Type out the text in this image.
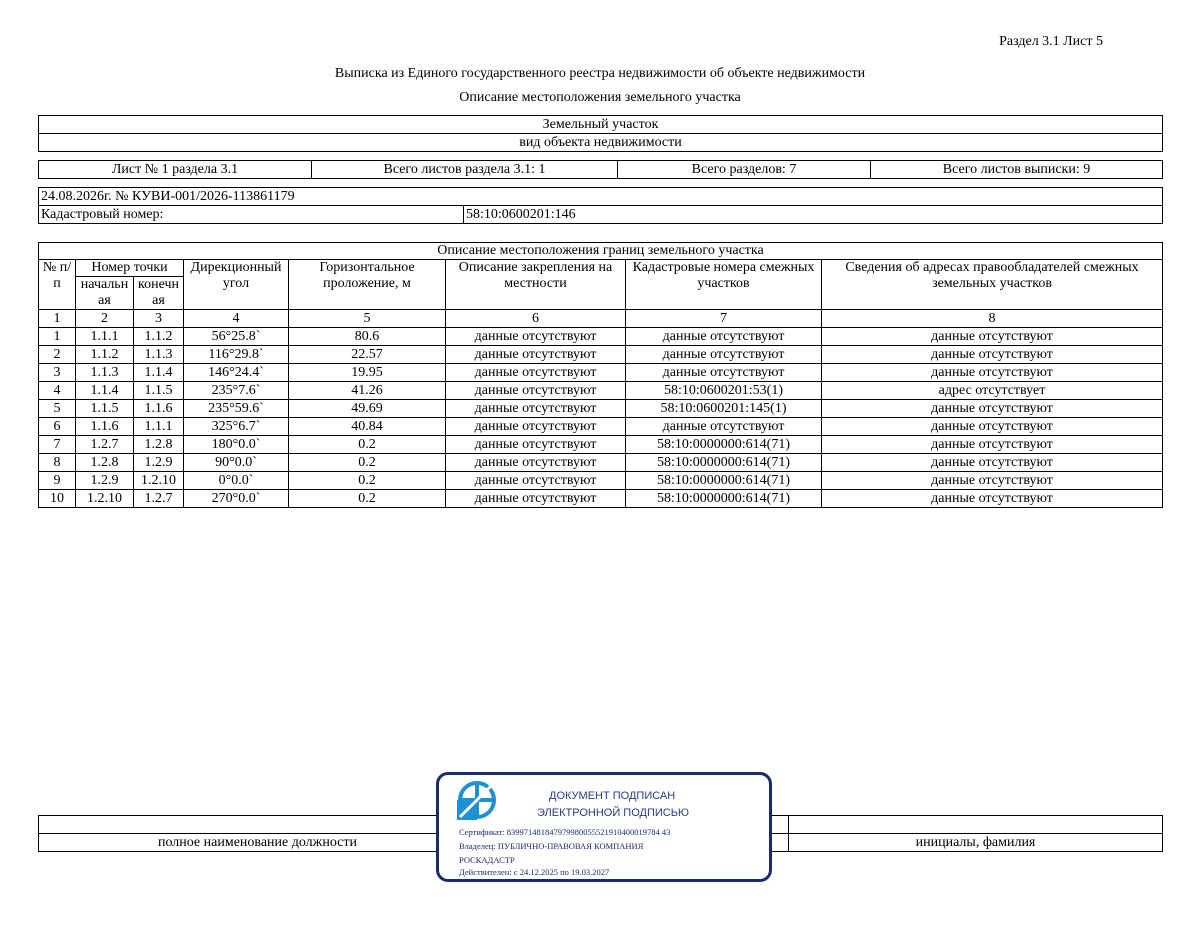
Раздел 3.1 Лист 5
Выписка из Единого государственного реестра недвижимости об объекте недвижимости
Описание местоположения земельного участка
Земельный участок
вид объекта недвижимости
Лист № 1 раздела 3.1	Всего листов раздела 3.1: 1	Всего разделов: 7	Всего листов выписки: 9
24.08.2026г. № КУВИ-001/2026-113861179
Кадастровый номер:	58:10:0600201:146
Описание местоположения границ земельного участка							
№ п/п	Номер точки		Дирекционный угол	Горизонтальное проложение, м	Описание закрепления на местности	Кадастровые номера смежных участков	Сведения об адресах правообладателей смежных земельных участков
	начальн ая	конечн ая					
1	2	3	4	5	6	7	8
1	1.1.1	1.1.2	56°25.8`	80.6	данные отсутствуют	данные отсутствуют	данные отсутствуют
2	1.1.2	1.1.3	116°29.8`	22.57	данные отсутствуют	данные отсутствуют	данные отсутствуют
3	1.1.3	1.1.4	146°24.4`	19.95	данные отсутствуют	данные отсутствуют	данные отсутствуют
4	1.1.4	1.1.5	235°7.6`	41.26	данные отсутствуют	58:10:0600201:53(1)	адрес отсутствует
5	1.1.5	1.1.6	235°59.6`	49.69	данные отсутствуют	58:10:0600201:145(1)	данные отсутствуют
6	1.1.6	1.1.1	325°6.7`	40.84	данные отсутствуют	данные отсутствуют	данные отсутствуют
7	1.2.7	1.2.8	180°0.0`	0.2	данные отсутствуют	58:10:0000000:614(71)	данные отсутствуют
8	1.2.8	1.2.9	90°0.0`	0.2	данные отсутствуют	58:10:0000000:614(71)	данные отсутствуют
9	1.2.9	1.2.10	0°0.0`	0.2	данные отсутствуют	58:10:0000000:614(71)	данные отсутствуют
10	1.2.10	1.2.7	270°0.0`	0.2	данные отсутствуют	58:10:0000000:614(71)	данные отсутствуют

полное наименование должности		инициалы, фамилия
ДОКУМЕНТ ПОДПИСАН
ЭЛЕКТРОННОЙ ПОДПИСЬЮ
Сертификат: 839971481847979980055521910400019784 43
Владелец: ПУБЛИЧНО-ПРАВОВАЯ КОМПАНИЯ
РОСКАДАСТР
Действителен: с 24.12.2025 по 19.03.2027
